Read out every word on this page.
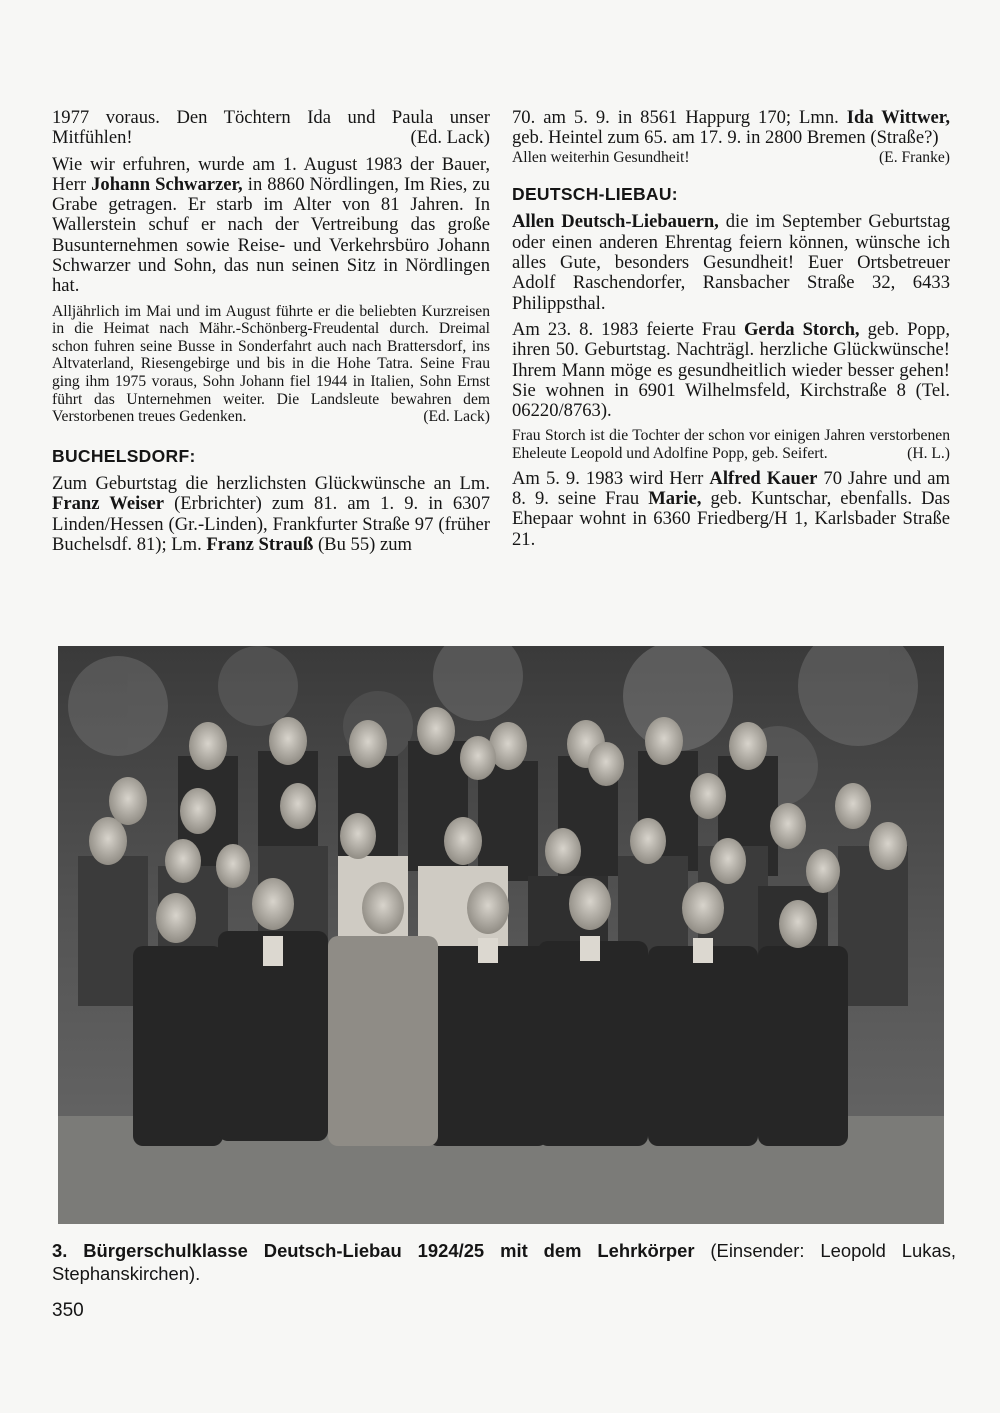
1977 voraus. Den Töchtern Ida und Paula unser Mitfühlen!	(Ed. Lack)

Wie wir erfuhren, wurde am 1. August 1983 der Bauer, Herr Johann Schwarzer, in 8860 Nördlingen, Im Ries, zu Grabe getragen. Er starb im Alter von 81 Jahren. In Wallerstein schuf er nach der Vertreibung das große Busunternehmen sowie Reise- und Verkehrsbüro Johann Schwarzer und Sohn, das nun seinen Sitz in Nördlingen hat.

Alljährlich im Mai und im August führte er die beliebten Kurzreisen in die Heimat nach Mähr.-Schönberg-Freudental durch. Dreimal schon fuhren seine Busse in Sonderfahrt auch nach Brattersdorf, ins Altvaterland, Riesengebirge und bis in die Hohe Tatra. Seine Frau ging ihm 1975 voraus, Sohn Johann fiel 1944 in Italien, Sohn Ernst führt das Unternehmen weiter. Die Landsleute bewahren dem Verstorbenen treues Gedenken.	(Ed. Lack)

BUCHELSDORF:

Zum Geburtstag die herzlichsten Glückwünsche an Lm. Franz Weiser (Erbrichter) zum 81. am 1. 9. in 6307 Linden/Hessen (Gr.-Linden), Frankfurter Straße 97 (früher Buchelsdf. 81); Lm. Franz Strauß (Bu 55) zum

70. am 5. 9. in 8561 Happurg 170; Lmn. Ida Wittwer, geb. Heintel zum 65. am 17. 9. in 2800 Bremen (Straße?)

Allen weiterhin Gesundheit!	(E. Franke)
DEUTSCH-LIEBAU:

Allen Deutsch-Liebauern, die im September Geburtstag oder einen anderen Ehrentag feiern können, wünsche ich alles Gute, besonders Gesundheit! Euer Ortsbetreuer Adolf Raschendorfer, Ransbacher Straße 32, 6433 Philippsthal.

Am 23. 8. 1983 feierte Frau Gerda Storch, geb. Popp, ihren 50. Geburtstag. Nachträgl. herzliche Glückwünsche! Ihrem Mann möge es gesundheitlich wieder besser gehen! Sie wohnen in 6901 Wilhelmsfeld, Kirchstraße 8 (Tel. 06220/8763).

Frau Storch ist die Tochter der schon vor einigen Jahren verstorbenen Eheleute Leopold und Adolfine Popp, geb. Seifert.	(H. L.)

Am 5. 9. 1983 wird Herr Alfred Kauer 70 Jahre und am 8. 9. seine Frau Marie, geb. Kuntschar, ebenfalls. Das Ehepaar wohnt in 6360 Friedberg/H 1, Karlsbader Straße 21.

3. Bürgerschulklasse Deutsch-Liebau 1924/25 mit dem Lehrkörper (Einsender: Leopold Lukas, Stephanskirchen).
350
